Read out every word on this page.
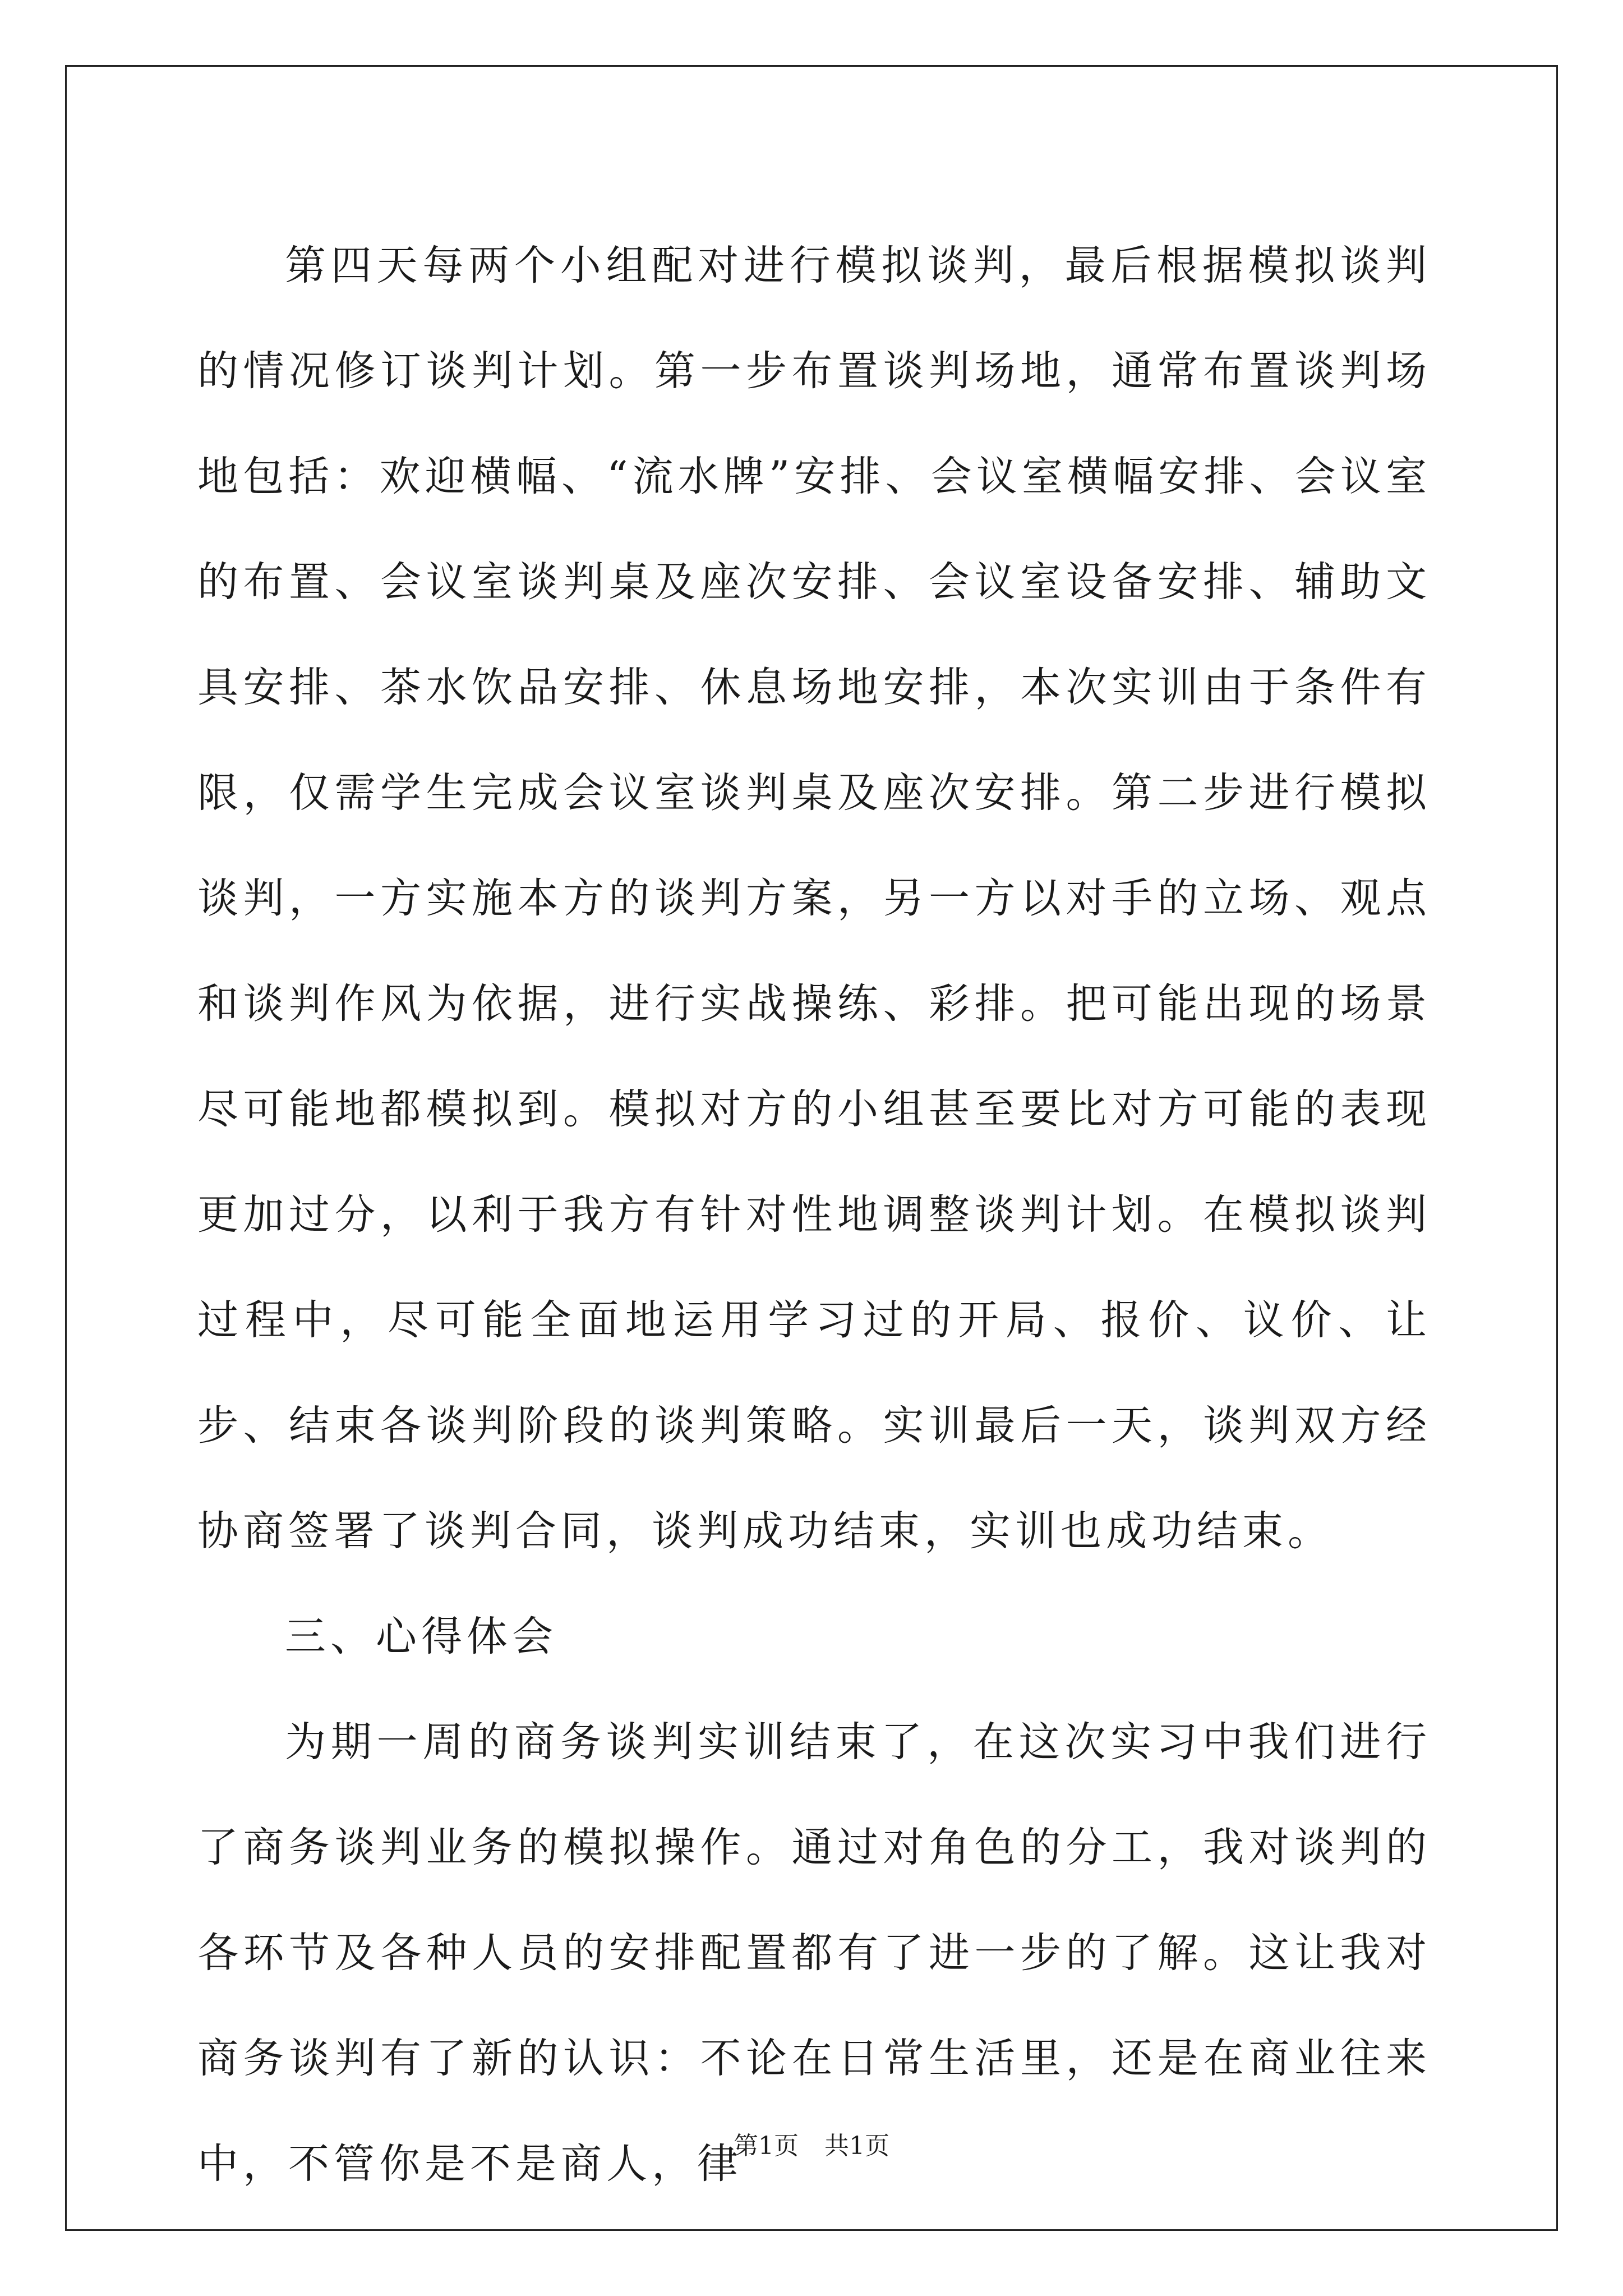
第四天每两个小组配对进行模拟谈判，最后根据模拟谈判的情况修订谈判计划。第一步布置谈判场地，通常布置谈判场地包括：欢迎横幅、“流水牌”安排、会议室横幅安排、会议室的布置、会议室谈判桌及座次安排、会议室设备安排、辅助文具安排、茶水饮品安排、休息场地安排，本次实训由于条件有限，仅需学生完成会议室谈判桌及座次安排。第二步进行模拟谈判，一方实施本方的谈判方案，另一方以对手的立场、观点和谈判作风为依据，进行实战操练、彩排。把可能出现的场景尽可能地都模拟到。模拟对方的小组甚至要比对方可能的表现更加过分，以利于我方有针对性地调整谈判计划。在模拟谈判过程中，尽可能全面地运用学习过的开局、报价、议价、让步、结束各谈判阶段的谈判策略。实训最后一天，谈判双方经协商签署了谈判合同，谈判成功结束，实训也成功结束。

三、心得体会

为期一周的商务谈判实训结束了，在这次实习中我们进行了商务谈判业务的模拟操作。通过对角色的分工，我对谈判的各环节及各种人员的安排配置都有了进一步的了解。这让我对商务谈判有了新的认识：不论在日常生活里，还是在商业往来中，不管你是不是商人，律

第1页 共1页
